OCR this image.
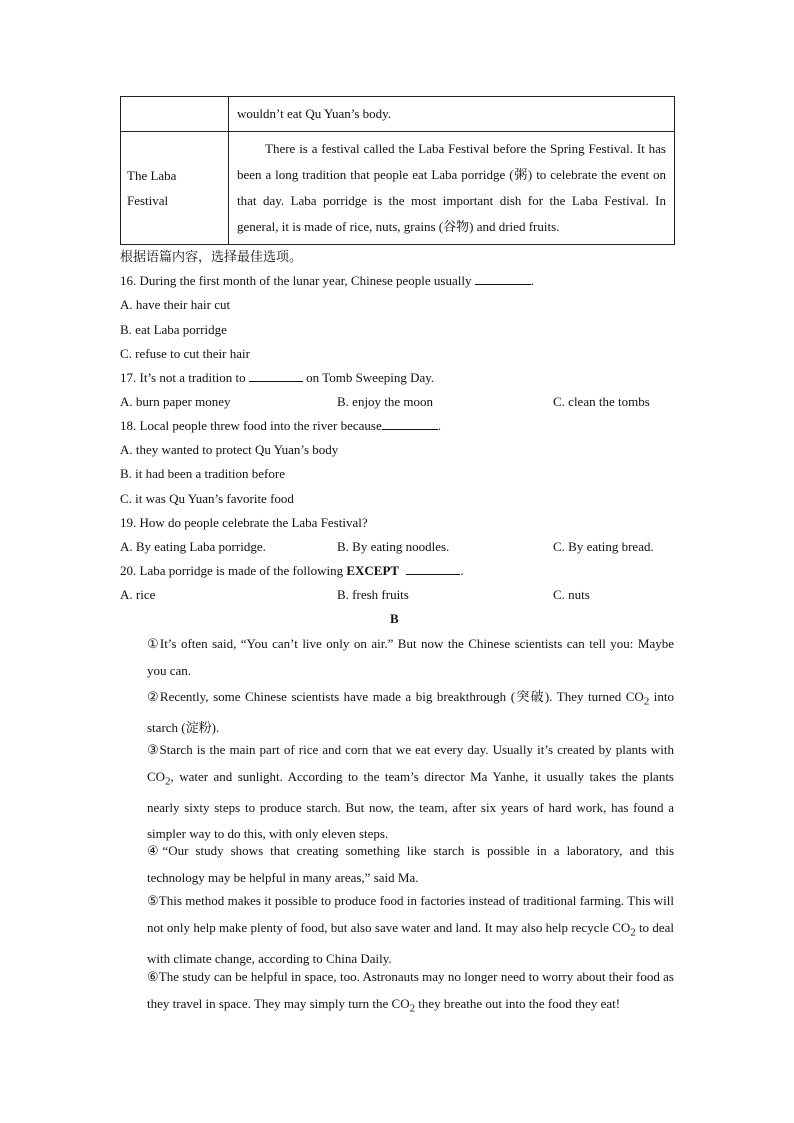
	wouldn’t eat Qu Yuan’s body.

The Laba
Festival	There is a festival called the Laba Festival before the Spring Festival. It has been a long tradition that people eat Laba porridge (粥) to celebrate the event on that day. Laba porridge is the most important dish for the Laba Festival. In general, it is made of rice, nuts, grains (谷物) and dried fruits.
根据语篇内容，选择最佳选项。
16. During the first month of the lunar year, Chinese people usually	.
A. have their hair cut
B. eat Laba porridge
C. refuse to cut their hair
17. It’s not a tradition to	on Tomb Sweeping Day.
A. burn paper money	B. enjoy the moon	C. clean the tombs
18. Local people threw food into the river because	.
A. they wanted to protect Qu Yuan’s body
B. it had been a tradition before
C. it was Qu Yuan’s favorite food
19. How do people celebrate the Laba Festival?
A. By eating Laba porridge.	B. By eating noodles.	C. By eating bread.
20. Laba porridge is made of the following EXCEPT	.
A. rice	B. fresh fruits	C. nuts
B
①It’s often said, “You can’t live only on air.” But now the Chinese scientists can tell you: Maybe you can.
②Recently, some Chinese scientists have made a big breakthrough (突破). They turned $CO_2$ into starch (淀粉).
③Starch is the main part of rice and corn that we eat every day. Usually it’s created by plants with $CO_2$, water and sunlight. According to the team’s director Ma Yanhe, it usually takes the plants nearly sixty steps to produce starch. But now, the team, after six years of hard work, has found a simpler way to do this, with only eleven steps.
④“Our study shows that creating something like starch is possible in a laboratory, and this technology may be helpful in many areas,” said Ma.
⑤This method makes it possible to produce food in factories instead of traditional farming. This will not only help make plenty of food, but also save water and land. It may also help recycle $CO_2$ to deal with climate change, according to China Daily.
⑥The study can be helpful in space, too. Astronauts may no longer need to worry about their food as they travel in space. They may simply turn the $CO_2$ they breathe out into the food they eat!
